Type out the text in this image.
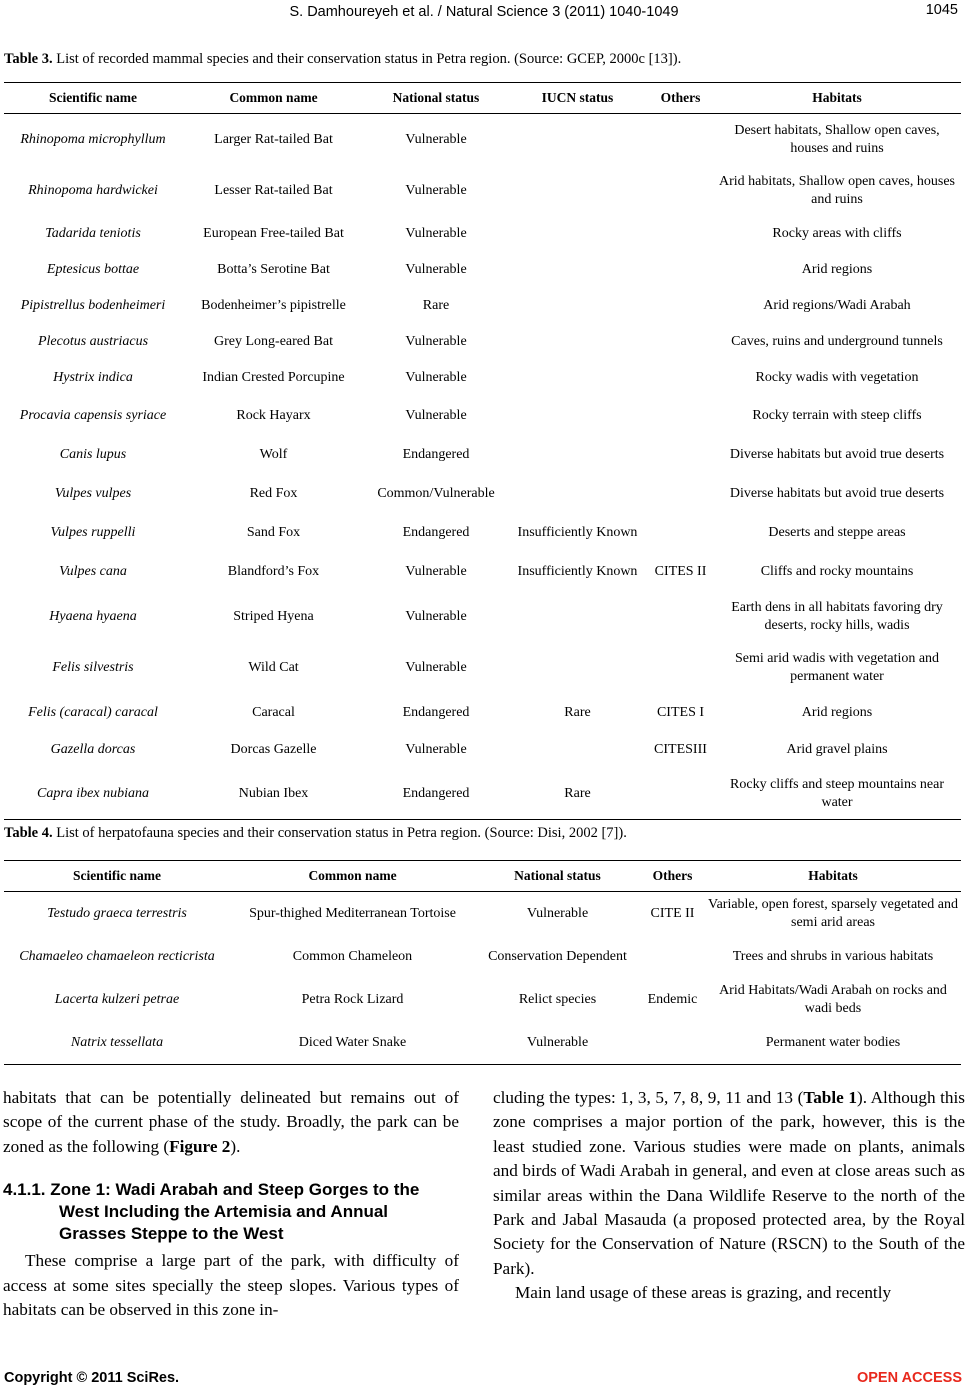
S. Damhoureyeh et al. / Natural Science 3 (2011) 1040-1049	1045
Table 3. List of recorded mammal species and their conservation status in Petra region. (Source: GCEP, 2000c [13]).
Scientific name	Common name	National status	IUCN status	Others	Habitats
Rhinopoma microphyllum	Larger Rat-tailed Bat	Vulnerable			Desert habitats, Shallow open caves, houses and ruins
Rhinopoma hardwickei	Lesser Rat-tailed Bat	Vulnerable			Arid habitats, Shallow open caves, houses and ruins
Tadarida teniotis	European Free-tailed Bat	Vulnerable			Rocky areas with cliffs
Eptesicus bottae	Botta’s Serotine Bat	Vulnerable			Arid regions
Pipistrellus bodenheimeri	Bodenheimer’s pipistrelle	Rare			Arid regions/Wadi Arabah
Plecotus austriacus	Grey Long-eared Bat	Vulnerable			Caves, ruins and underground tunnels
Hystrix indica	Indian Crested Porcupine	Vulnerable			Rocky wadis with vegetation
Procavia capensis syriace	Rock Hayarx	Vulnerable			Rocky terrain with steep cliffs
Canis lupus	Wolf	Endangered			Diverse habitats but avoid true deserts
Vulpes vulpes	Red Fox	Common/Vulnerable			Diverse habitats but avoid true deserts
Vulpes ruppelli	Sand Fox	Endangered	Insufficiently Known		Deserts and steppe areas
Vulpes cana	Blandford’s Fox	Vulnerable	Insufficiently Known	CITES II	Cliffs and rocky mountains
Hyaena hyaena	Striped Hyena	Vulnerable			Earth dens in all habitats favoring dry deserts, rocky hills, wadis
Felis silvestris	Wild Cat	Vulnerable			Semi arid wadis with vegetation and permanent water
Felis (caracal) caracal	Caracal	Endangered	Rare	CITES I	Arid regions
Gazella dorcas	Dorcas Gazelle	Vulnerable		CITESIII	Arid gravel plains
Capra ibex nubiana	Nubian Ibex	Endangered	Rare		Rocky cliffs and steep mountains near water
Table 4. List of herpatofauna species and their conservation status in Petra region. (Source: Disi, 2002 [7]).
Scientific name	Common name	National status	Others	Habitats
Testudo graeca terrestris	Spur-thighed Mediterranean Tortoise	Vulnerable	CITE II	Variable, open forest, sparsely vegetated and semi arid areas
Chamaeleo chamaeleon recticrista	Common Chameleon	Conservation Dependent		Trees and shrubs in various habitats
Lacerta kulzeri petrae	Petra Rock Lizard	Relict species	Endemic	Arid Habitats/Wadi Arabah on rocks and wadi beds
Natrix tessellata	Diced Water Snake	Vulnerable		Permanent water bodies

habitats that can be potentially delineated but remains out of scope of the current phase of the study. Broadly, the park can be zoned as the following (Figure 2).

4.1.1. Zone 1: Wadi Arabah and Steep Gorges to the West Including the Artemisia and Annual Grasses Steppe to the West

These comprise a large part of the park, with difficulty of access at some sites specially the steep slopes. Various types of habitats can be observed in this zone in-

cluding the types: 1, 3, 5, 7, 8, 9, 11 and 13 (Table 1). Although this zone comprises a major portion of the park, however, this is the least studied zone. Various studies were made on plants, animals and birds of Wadi Arabah in general, and even at close areas such as similar areas within the Dana Wildlife Reserve to the north of the Park and Jabal Masauda (a proposed protected area, by the Royal Society for the Conservation of Nature (RSCN) to the South of the Park).

Main land usage of these areas is grazing, and recently

Copyright © 2011 SciRes.	OPEN ACCESS
